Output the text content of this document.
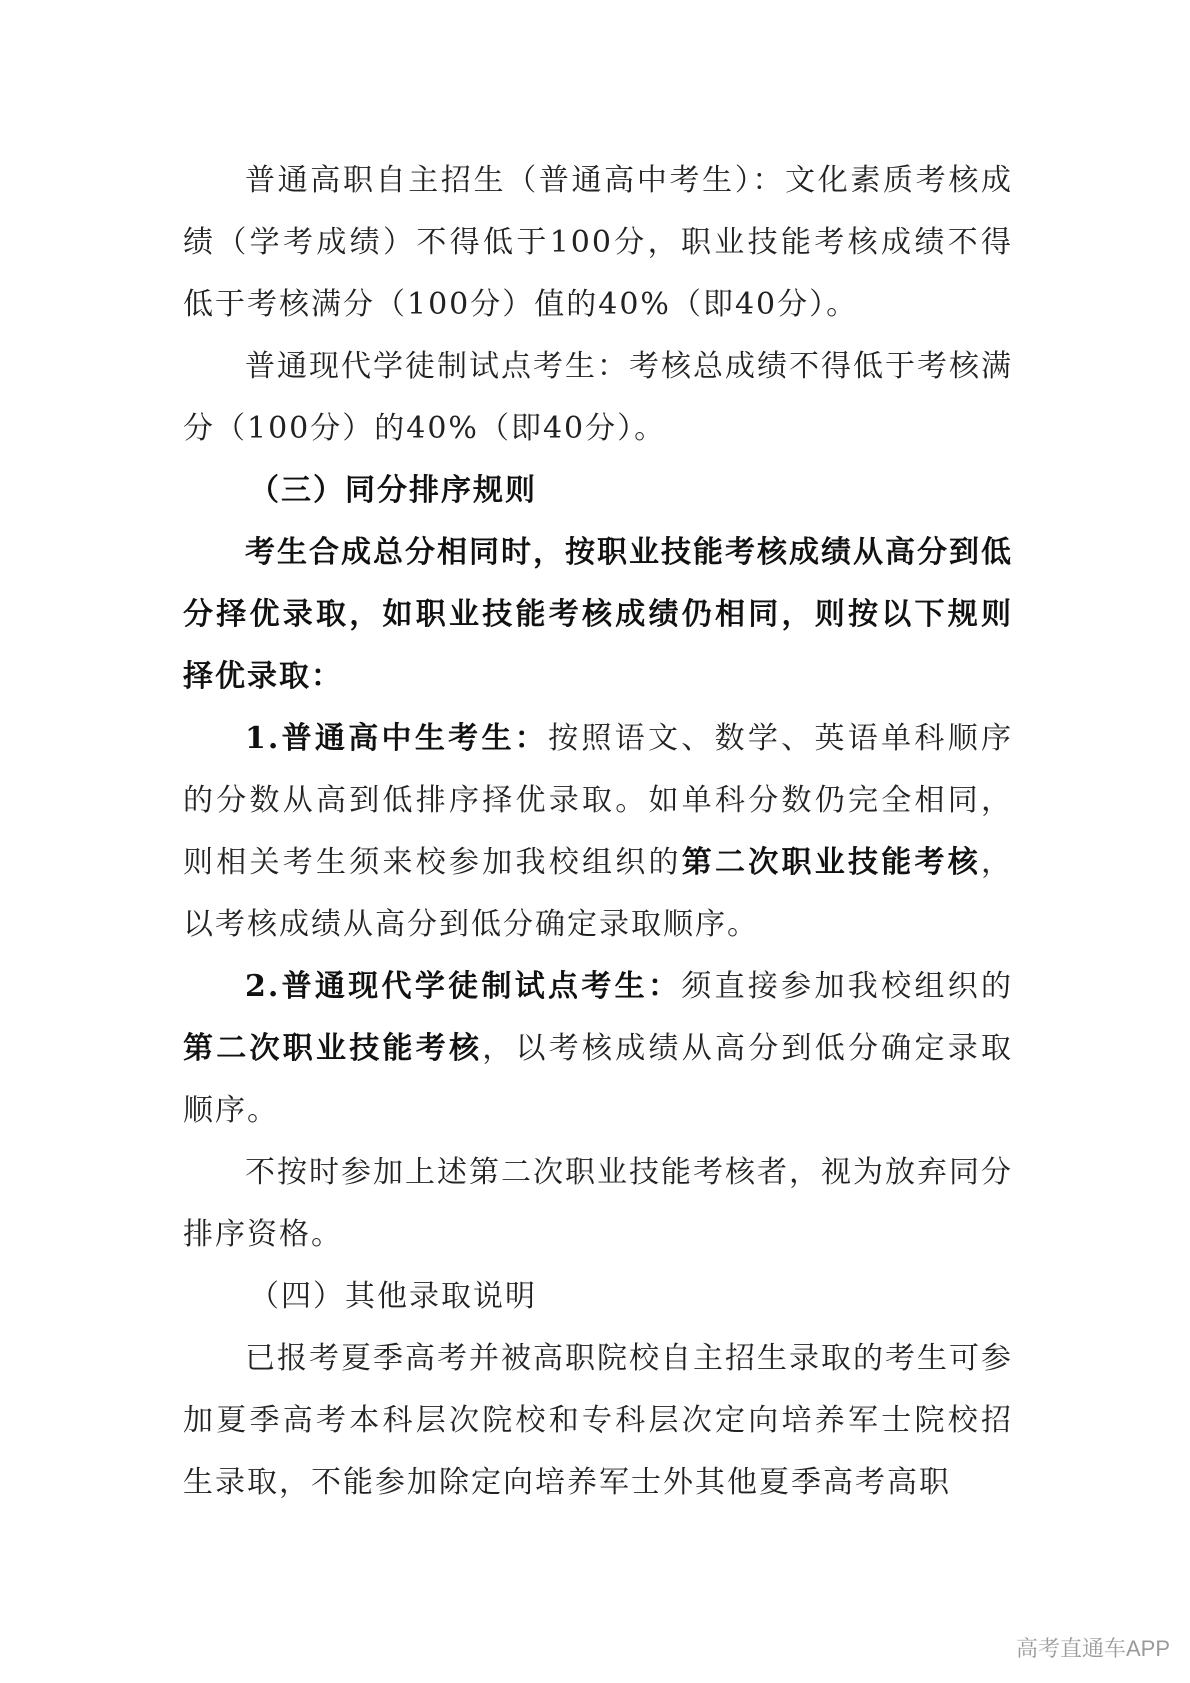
普通高职自主招生（普通高中考生）：文化素质考核成绩（学考成绩）不得低于100分，职业技能考核成绩不得低于考核满分（100分）值的40%（即40分）。

普通现代学徒制试点考生：考核总成绩不得低于考核满分（100分）的40%（即40分）。

（三）同分排序规则

考生合成总分相同时，按职业技能考核成绩从高分到低分择优录取，如职业技能考核成绩仍相同，则按以下规则择优录取：

1.普通高中生考生：按照语文、数学、英语单科顺序的分数从高到低排序择优录取。如单科分数仍完全相同，则相关考生须来校参加我校组织的第二次职业技能考核，以考核成绩从高分到低分确定录取顺序。

2.普通现代学徒制试点考生：须直接参加我校组织的第二次职业技能考核，以考核成绩从高分到低分确定录取顺序。

不按时参加上述第二次职业技能考核者，视为放弃同分排序资格。

（四）其他录取说明

已报考夏季高考并被高职院校自主招生录取的考生可参加夏季高考本科层次院校和专科层次定向培养军士院校招生录取，不能参加除定向培养军士外其他夏季高考高职

高考直通车APP
